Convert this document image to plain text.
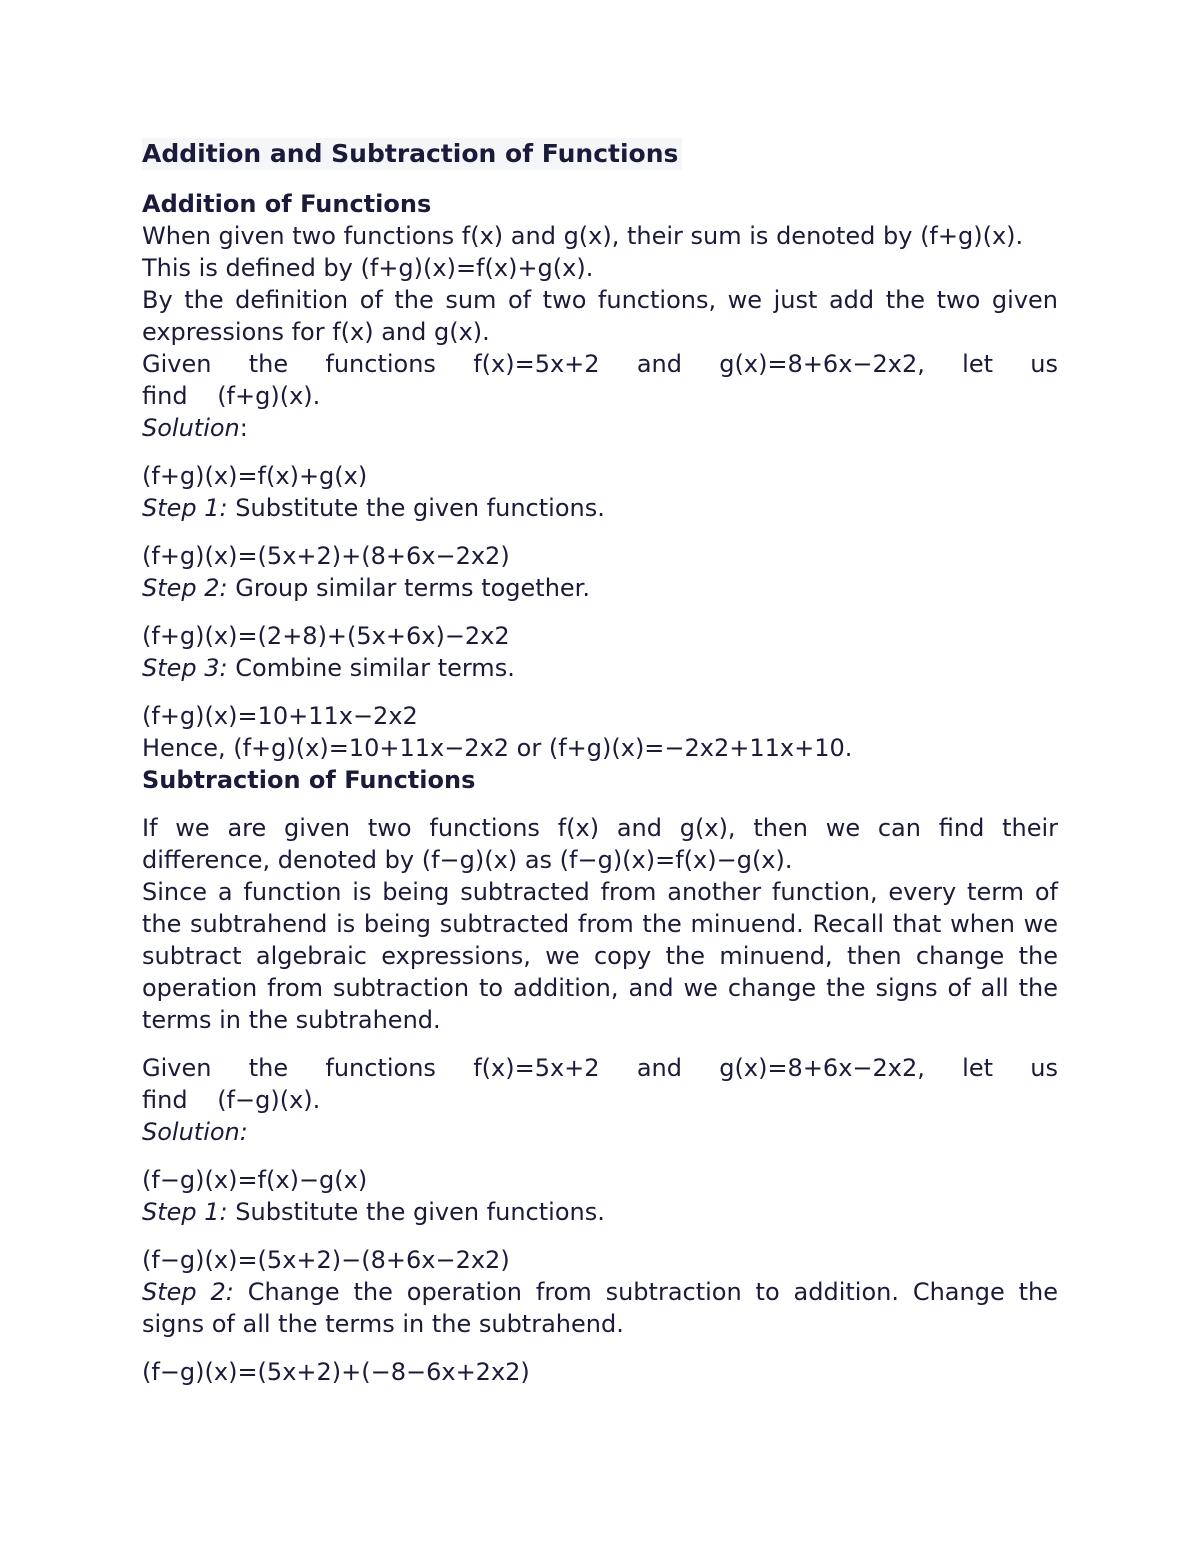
Addition and Subtraction of Functions
Addition of Functions
When given two functions f(x) and g(x), their sum is denoted by (f+g)(x). This is defined by (f+g)(x)=f(x)+g(x).
By the definition of the sum of two functions, we just add the two given expressions for f(x) and g(x).
Given the functions f(x)=5x+2 and g(x)=8+6x−2x2, let us find (f+g)(x).
Solution:
(f+g)(x)=f(x)+g(x)
Step 1: Substitute the given functions.
(f+g)(x)=(5x+2)+(8+6x−2x2)
Step 2: Group similar terms together.
(f+g)(x)=(2+8)+(5x+6x)−2x2
Step 3: Combine similar terms.
(f+g)(x)=10+11x−2x2
Hence, (f+g)(x)=10+11x−2x2 or (f+g)(x)=−2x2+11x+10.
Subtraction of Functions
If we are given two functions f(x) and g(x), then we can find their difference, denoted by (f−g)(x) as (f−g)(x)=f(x)−g(x).
Since a function is being subtracted from another function, every term of the subtrahend is being subtracted from the minuend. Recall that when we subtract algebraic expressions, we copy the minuend, then change the operation from subtraction to addition, and we change the signs of all the terms in the subtrahend.
Given the functions f(x)=5x+2 and g(x)=8+6x−2x2, let us find (f−g)(x).
Solution:
(f−g)(x)=f(x)−g(x)
Step 1: Substitute the given functions.
(f−g)(x)=(5x+2)−(8+6x−2x2)
Step 2: Change the operation from subtraction to addition. Change the signs of all the terms in the subtrahend.
(f−g)(x)=(5x+2)+(−8−6x+2x2)
